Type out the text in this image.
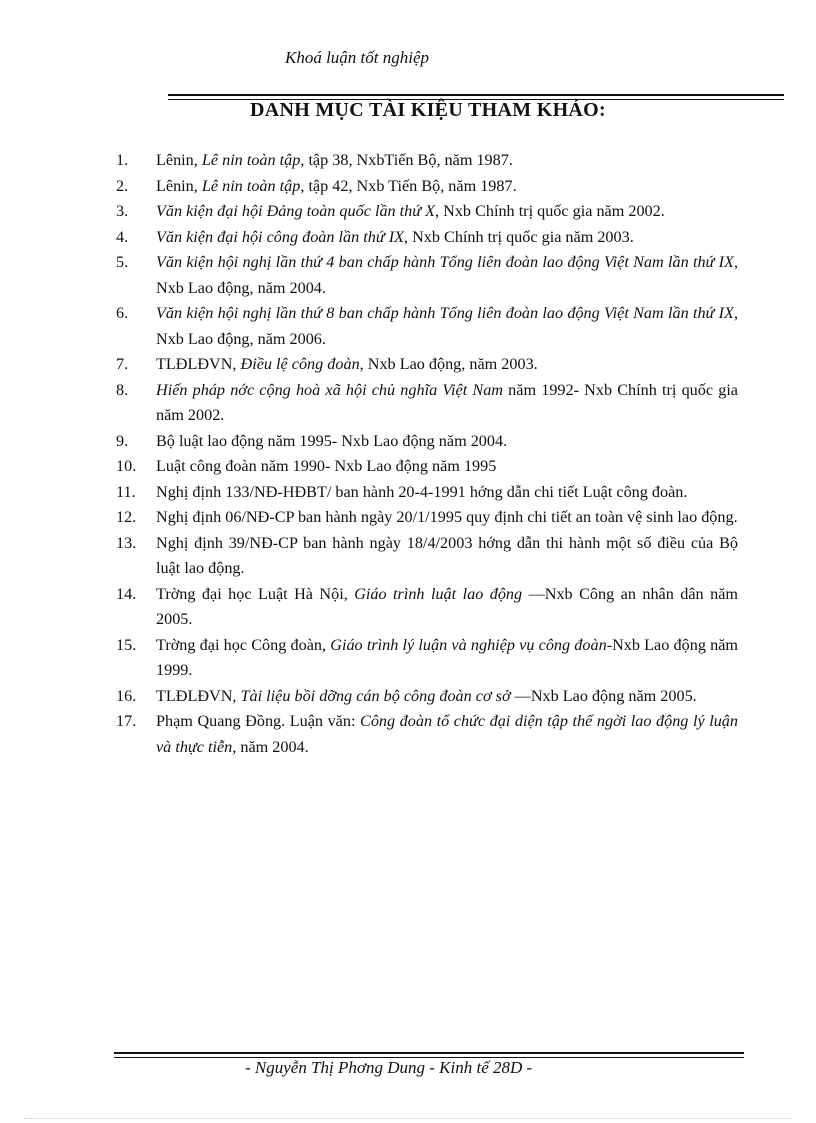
Khoá luận tốt nghiệp
DANH MỤC TÀI KIỆU THAM KHẢO:
1.	Lênin, Lê nin toàn tập, tập 38, NxbTiến Bộ, năm 1987.
2.	Lênin, Lê nin toàn tập, tập 42, Nxb Tiến Bộ, năm 1987.
3.	Văn kiện đại hội Đảng toàn quốc lần thứ X, Nxb Chính trị quốc gia năm 2002.
4.	Văn kiện đại hội công đoàn lần thứ IX, Nxb Chính trị quốc gia năm 2003.
5.	Văn kiện hội nghị lần thứ 4 ban chấp hành Tổng liên đoàn lao động Việt Nam lần thứ IX, Nxb Lao động, năm 2004.
6.	Văn kiện hội nghị lần thứ 8 ban chấp hành Tổng liên đoàn lao động Việt Nam lần thứ IX, Nxb Lao động, năm 2006.
7.	TLĐLĐVN, Điều lệ công đoàn, Nxb Lao động, năm 2003.
8.	Hiến pháp nớc cộng hoà xã hội chủ nghĩa Việt Nam năm 1992- Nxb Chính trị quốc gia năm 2002.
9.	Bộ luật lao động năm 1995- Nxb Lao động năm 2004.
10.	Luật công đoàn năm 1990- Nxb Lao động năm 1995
11.	Nghị định 133/NĐ-HĐBT/ ban hành 20-4-1991 hớng dẫn chi tiết Luật công đoàn.
12.	Nghị định 06/NĐ-CP ban hành ngày 20/1/1995 quy định chi tiết an toàn vệ sinh lao động.
13.	Nghị định 39/NĐ-CP ban hành ngày 18/4/2003 hớng dẫn thi hành một số điều của Bộ luật lao động.
14.	Trờng đại học Luật Hà Nội, Giáo trình luật lao động —Nxb Công an nhân dân năm 2005.
15.	Trờng đại học Công đoàn, Giáo trình lý luận và nghiệp vụ công đoàn-Nxb Lao động năm 1999.
16.	TLĐLĐVN, Tài liệu bồi dỡng cán bộ công đoàn cơ sở —Nxb Lao động năm 2005.
17.	Phạm Quang Đồng. Luận văn: Công đoàn tổ chức đại diện tập thể ngời lao động lý luận và thực tiễn, năm 2004.
- Nguyễn Thị Phơng Dung - Kinh tế 28D -
